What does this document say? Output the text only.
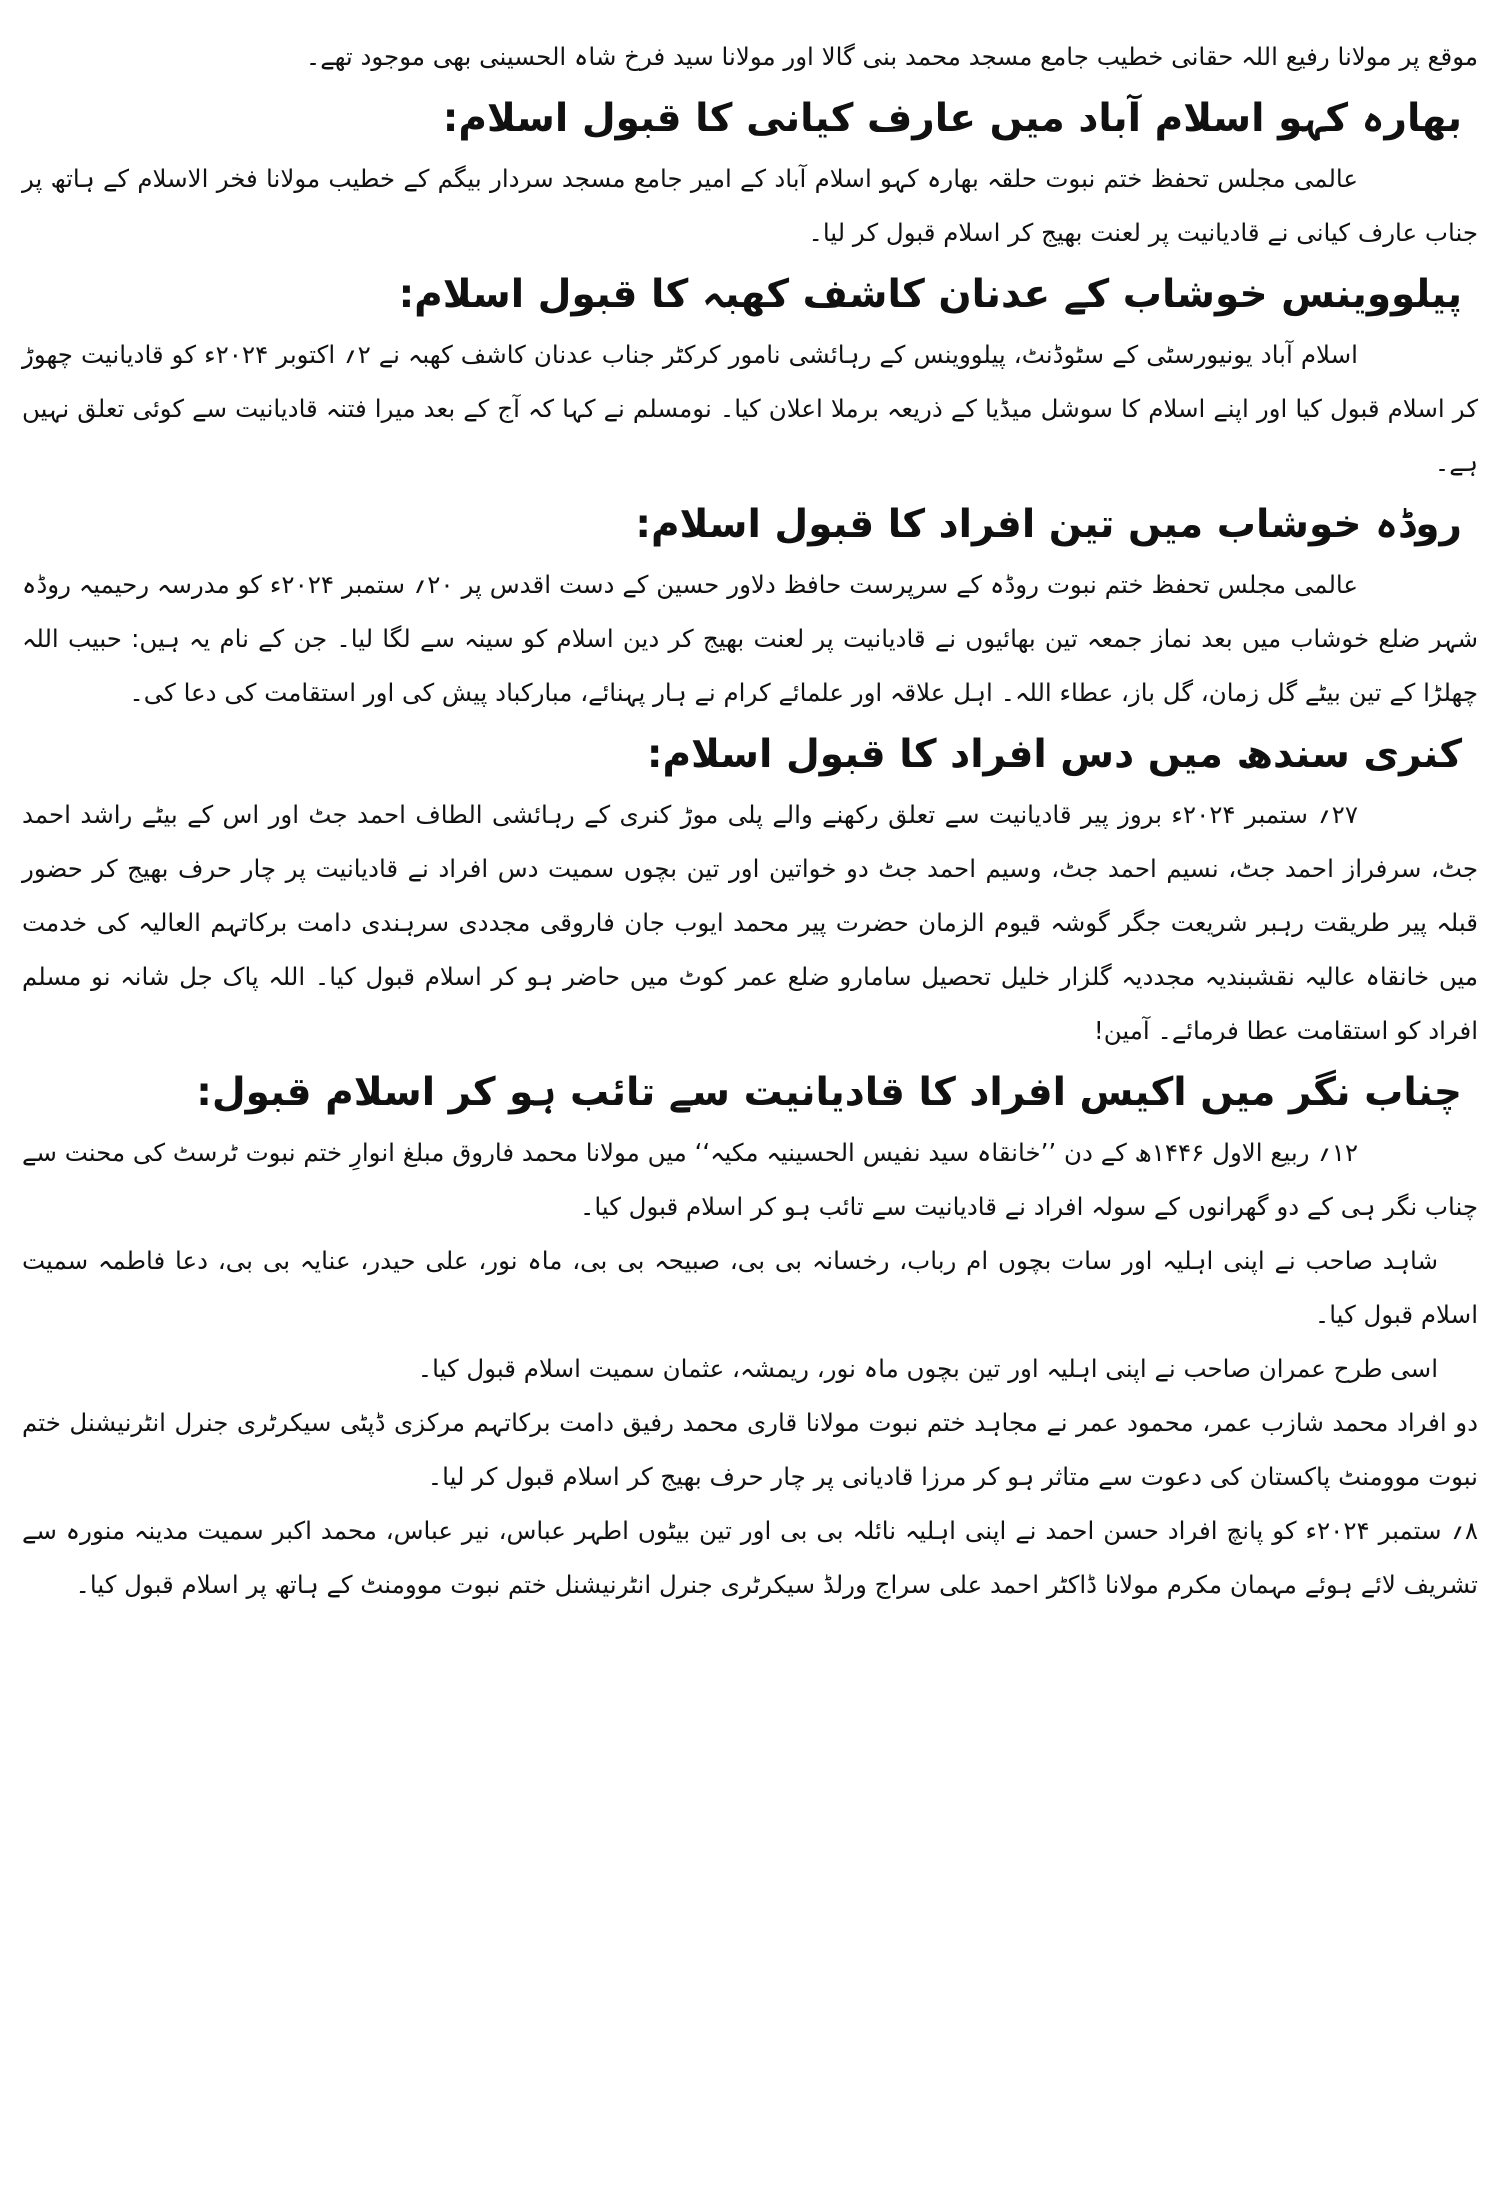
موقع پر مولانا رفیع اللہ حقانی خطیب جامع مسجد محمد بنی گالا اور مولانا سید فرخ شاہ الحسینی بھی موجود تھے۔

بھارہ کہو اسلام آباد میں عارف کیانی کا قبول اسلام:

عالمی مجلس تحفظ ختم نبوت حلقہ بھارہ کہو اسلام آباد کے امیر جامع مسجد سردار بیگم کے خطیب مولانا فخر الاسلام کے ہاتھ پر جناب عارف کیانی نے قادیانیت پر لعنت بھیج کر اسلام قبول کر لیا۔

پیلووینس خوشاب کے عدنان کاشف کھبہ کا قبول اسلام:

اسلام آباد یونیورسٹی کے سٹوڈنٹ، پیلووینس کے رہائشی نامور کرکٹر جناب عدنان کاشف کھبہ نے ۲؍ اکتوبر ۲۰۲۴ء کو قادیانیت چھوڑ کر اسلام قبول کیا اور اپنے اسلام کا سوشل میڈیا کے ذریعہ برملا اعلان کیا۔ نومسلم نے کہا کہ آج کے بعد میرا فتنہ قادیانیت سے کوئی تعلق نہیں ہے۔

روڈہ خوشاب میں تین افراد کا قبول اسلام:

عالمی مجلس تحفظ ختم نبوت روڈہ کے سرپرست حافظ دلاور حسین کے دست اقدس پر ۲۰؍ ستمبر ۲۰۲۴ء کو مدرسہ رحیمیہ روڈہ شہر ضلع خوشاب میں بعد نماز جمعہ تین بھائیوں نے قادیانیت پر لعنت بھیج کر دین اسلام کو سینہ سے لگا لیا۔ جن کے نام یہ ہیں: حبیب اللہ چھلڑا کے تین بیٹے گل زمان، گل باز، عطاء اللہ۔ اہل علاقہ اور علمائے کرام نے ہار پہنائے، مبارکباد پیش کی اور استقامت کی دعا کی۔

کنری سندھ میں دس افراد کا قبول اسلام:

۲۷؍ ستمبر ۲۰۲۴ء بروز پیر قادیانیت سے تعلق رکھنے والے پلی موڑ کنری کے رہائشی الطاف احمد جٹ اور اس کے بیٹے راشد احمد جٹ، سرفراز احمد جٹ، نسیم احمد جٹ، وسیم احمد جٹ دو خواتین اور تین بچوں سمیت دس افراد نے قادیانیت پر چار حرف بھیج کر حضور قبلہ پیر طریقت رہبر شریعت جگر گوشہ قیوم الزمان حضرت پیر محمد ایوب جان فاروقی مجددی سرہندی دامت برکاتہم العالیہ کی خدمت میں خانقاہ عالیہ نقشبندیہ مجددیہ گلزار خلیل تحصیل سامارو ضلع عمر کوٹ میں حاضر ہو کر اسلام قبول کیا۔ اللہ پاک جل شانہ نو مسلم افراد کو استقامت عطا فرمائے۔ آمین!

چناب نگر میں اکیس افراد کا قادیانیت سے تائب ہو کر اسلام قبول:

۱۲؍ ربیع الاول ۱۴۴۶ھ کے دن ’’خانقاہ سید نفیس الحسینیہ مکیہ‘‘ میں مولانا محمد فاروق مبلغ انوارِ ختم نبوت ٹرسٹ کی محنت سے چناب نگر ہی کے دو گھرانوں کے سولہ افراد نے قادیانیت سے تائب ہو کر اسلام قبول کیا۔

شاہد صاحب نے اپنی اہلیہ اور سات بچوں ام رباب، رخسانہ بی بی، صبیحہ بی بی، ماہ نور، علی حیدر، عنایہ بی بی، دعا فاطمہ سمیت اسلام قبول کیا۔

اسی طرح عمران صاحب نے اپنی اہلیہ اور تین بچوں ماہ نور، ریمشہ، عثمان سمیت اسلام قبول کیا۔

دو افراد محمد شازب عمر، محمود عمر نے مجاہد ختم نبوت مولانا قاری محمد رفیق دامت برکاتہم مرکزی ڈپٹی سیکرٹری جنرل انٹرنیشنل ختم نبوت موومنٹ پاکستان کی دعوت سے متاثر ہو کر مرزا قادیانی پر چار حرف بھیج کر اسلام قبول کر لیا۔

۸؍ ستمبر ۲۰۲۴ء کو پانچ افراد حسن احمد نے اپنی اہلیہ نائلہ بی بی اور تین بیٹوں اطہر عباس، نیر عباس، محمد اکبر سمیت مدینہ منورہ سے تشریف لائے ہوئے مہمان مکرم مولانا ڈاکٹر احمد علی سراج ورلڈ سیکرٹری جنرل انٹرنیشنل ختم نبوت موومنٹ کے ہاتھ پر اسلام قبول کیا۔
